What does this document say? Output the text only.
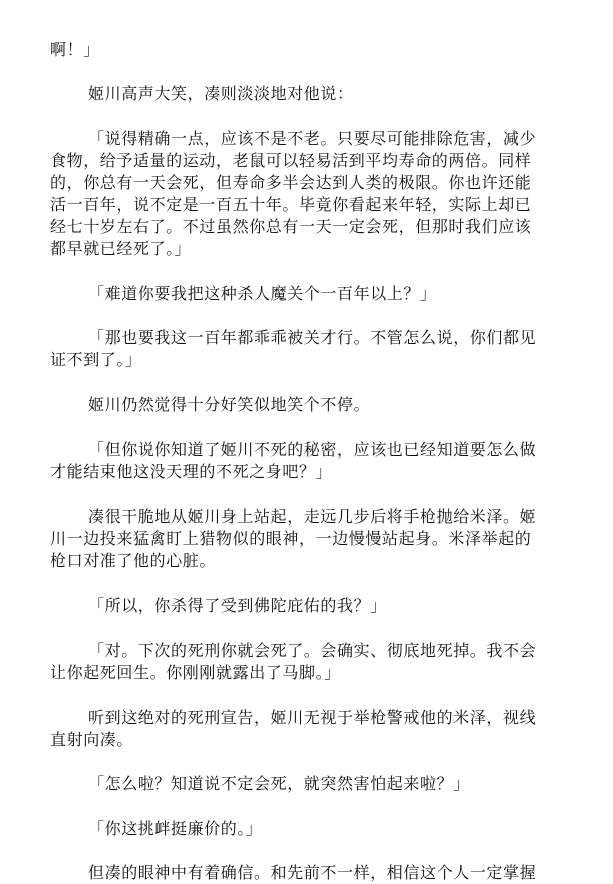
啊！」
姬川高声大笑，凑则淡淡地对他说：
「说得精确一点，应该不是不老。只要尽可能排除危害，减少
食物，给予适量的运动，老鼠可以轻易活到平均寿命的两倍。同样
的，你总有一天会死，但寿命多半会达到人类的极限。你也许还能
活一百年，说不定是一百五十年。毕竟你看起来年轻，实际上却已
经七十岁左右了。不过虽然你总有一天一定会死，但那时我们应该
都早就已经死了。」
「难道你要我把这种杀人魔关个一百年以上？」
「那也要我这一百年都乖乖被关才行。不管怎么说，你们都见
证不到了。」
姬川仍然觉得十分好笑似地笑个不停。
「但你说你知道了姬川不死的秘密，应该也已经知道要怎么做
才能结束他这没天理的不死之身吧？」
凑很干脆地从姬川身上站起，走远几步后将手枪抛给米泽。姬
川一边投来猛禽盯上猎物似的眼神，一边慢慢站起身。米泽举起的
枪口对准了他的心脏。
「所以，你杀得了受到佛陀庇佑的我？」
「对。下次的死刑你就会死了。会确实、彻底地死掉。我不会
让你起死回生。你刚刚就露出了马脚。」
听到这绝对的死刑宣告，姬川无视于举枪警戒他的米泽，视线
直射向凑。
「怎么啦？知道说不定会死，就突然害怕起来啦？」
「你这挑衅挺廉价的。」
但凑的眼神中有着确信。和先前不一样，相信这个人一定掌握
